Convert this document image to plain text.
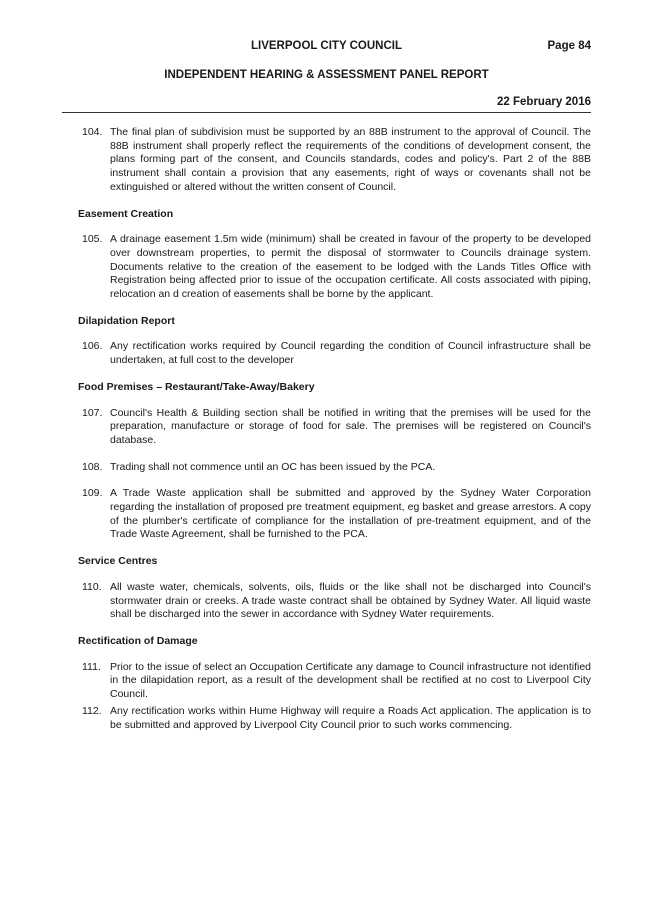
LIVERPOOL CITY COUNCIL	Page 84
INDEPENDENT HEARING & ASSESSMENT PANEL REPORT
22 February 2016
104. The final plan of subdivision must be supported by an 88B instrument to the approval of Council. The 88B instrument shall properly reflect the requirements of the conditions of development consent, the plans forming part of the consent, and Councils standards, codes and policy's. Part 2 of the 88B instrument shall contain a provision that any easements, right of ways or covenants shall not be extinguished or altered without the written consent of Council.
Easement Creation
105. A drainage easement 1.5m wide (minimum) shall be created in favour of the property to be developed over downstream properties, to permit the disposal of stormwater to Councils drainage system. Documents relative to the creation of the easement to be lodged with the Lands Titles Office with Registration being affected prior to issue of the occupation certificate. All costs associated with piping, relocation an d creation of easements shall be borne by the applicant.
Dilapidation Report
106. Any rectification works required by Council regarding the condition of Council infrastructure shall be undertaken, at full cost to the developer
Food Premises – Restaurant/Take-Away/Bakery
107. Council's Health & Building section shall be notified in writing that the premises will be used for the preparation, manufacture or storage of food for sale. The premises will be registered on Council's database.
108. Trading shall not commence until an OC has been issued by the PCA.
109. A Trade Waste application shall be submitted and approved by the Sydney Water Corporation regarding the installation of proposed pre treatment equipment, eg basket and grease arrestors. A copy of the plumber's certificate of compliance for the installation of pre-treatment equipment, and of the Trade Waste Agreement, shall be furnished to the PCA.
Service Centres
110. All waste water, chemicals, solvents, oils, fluids or the like shall not be discharged into Council's stormwater drain or creeks. A trade waste contract shall be obtained by Sydney Water. All liquid waste shall be discharged into the sewer in accordance with Sydney Water requirements.
Rectification of Damage
111. Prior to the issue of select an Occupation Certificate any damage to Council infrastructure not identified in the dilapidation report, as a result of the development shall be rectified at no cost to Liverpool City Council.
112. Any rectification works within Hume Highway will require a Roads Act application. The application is to be submitted and approved by Liverpool City Council prior to such works commencing.
